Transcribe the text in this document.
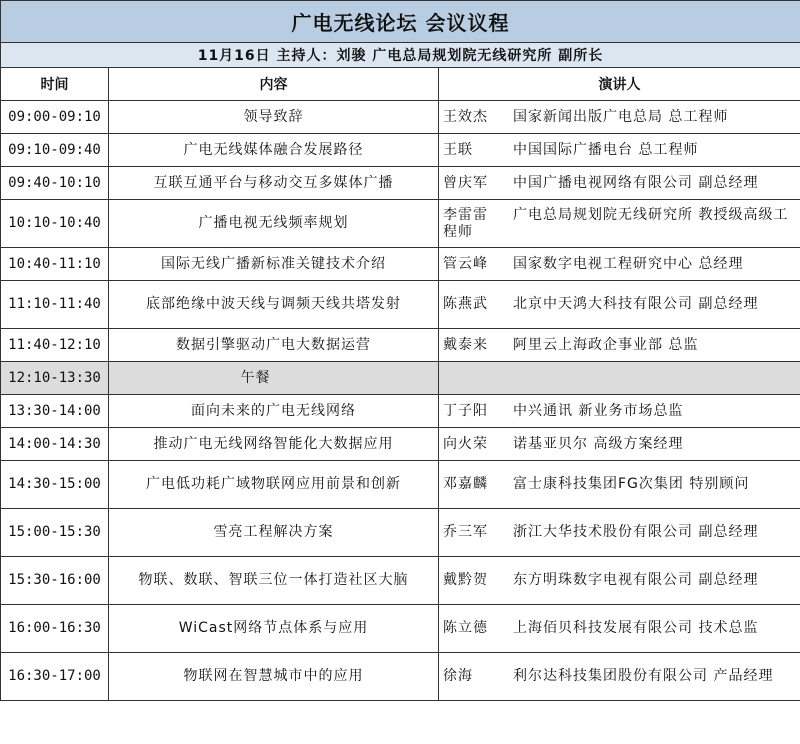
广电无线论坛 会议议程		
11月16日 主持人：刘骏 广电总局规划院无线研究所 副所长		
时间	内容	演讲人
09:00-09:10	领导致辞	王效杰 国家新闻出版广电总局 总工程师
09:10-09:40	广电无线媒体融合发展路径	王联 中国国际广播电台 总工程师
09:40-10:10	互联互通平台与移动交互多媒体广播	曾庆军 中国广播电视网络有限公司 副总经理
10:10-10:40	广播电视无线频率规划	李雷雷 广电总局规划院无线研究所 教授级高级工程师
10:40-11:10	国际无线广播新标准关键技术介绍	管云峰 国家数字电视工程研究中心 总经理
11:10-11:40	底部绝缘中波天线与调频天线共塔发射	陈燕武 北京中天鸿大科技有限公司 副总经理
11:40-12:10	数据引擎驱动广电大数据运营	戴泰来 阿里云上海政企事业部 总监
12:10-13:30	午餐	
13:30-14:00	面向未来的广电无线网络	丁子阳 中兴通讯 新业务市场总监
14:00-14:30	推动广电无线网络智能化大数据应用	向火荣 诺基亚贝尔 高级方案经理
14:30-15:00	广电低功耗广域物联网应用前景和创新	邓嘉麟 富士康科技集团FG次集团 特别顾问
15:00-15:30	雪亮工程解决方案	乔三军 浙江大华技术股份有限公司 副总经理
15:30-16:00	物联、数联、智联三位一体打造社区大脑	戴黔贺 东方明珠数字电视有限公司 副总经理
16:00-16:30	WiCast网络节点体系与应用	陈立德 上海佰贝科技发展有限公司 技术总监
16:30-17:00	物联网在智慧城市中的应用	徐海 利尔达科技集团股份有限公司 产品经理
